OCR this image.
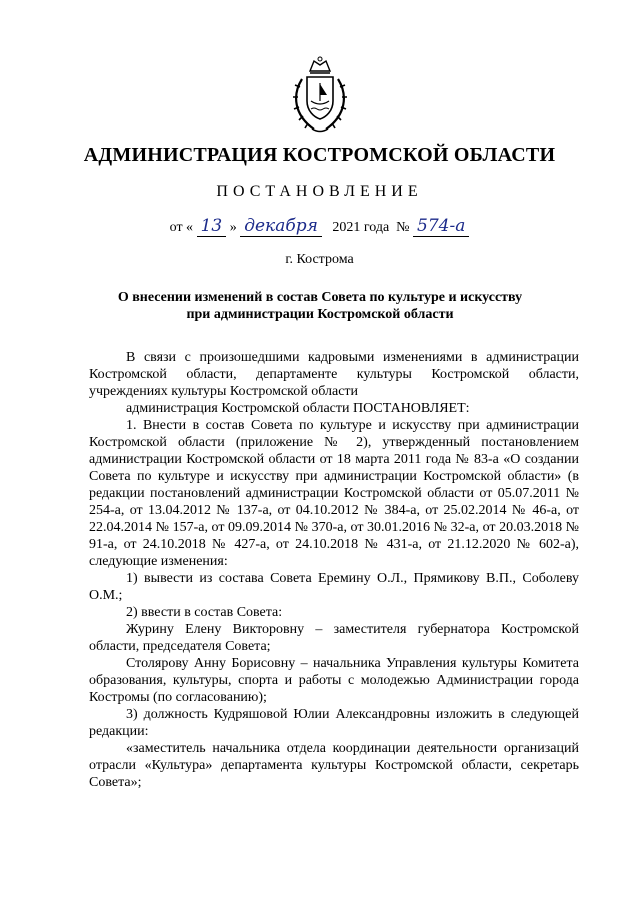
АДМИНИСТРАЦИЯ КОСТРОМСКОЙ ОБЛАСТИ
ПОСТАНОВЛЕНИЕ
от « 13 » декабря 2021 года № 574-а
г. Кострома
О внесении изменений в состав Совета по культуре и искусству
при администрации Костромской области

В связи с произошедшими кадровыми изменениями в администрации Костромской области, департаменте культуры Костромской области, учреждениях культуры Костромской области

администрация Костромской области ПОСТАНОВЛЯЕТ:

1. Внести в состав Совета по культуре и искусству при администрации Костромской области (приложение № 2), утвержденный постановлением администрации Костромской области от 18 марта 2011 года № 83-а «О создании Совета по культуре и искусству при администрации Костромской области» (в редакции постановлений администрации Костромской области от 05.07.2011 № 254-а, от 13.04.2012 № 137-а, от 04.10.2012 № 384-а, от 25.02.2014 № 46-а, от 22.04.2014 № 157-а, от 09.09.2014 № 370-а, от 30.01.2016 № 32-а, от 20.03.2018 № 91-а, от 24.10.2018 № 427-а, от 24.10.2018 № 431-а, от 21.12.2020 № 602-а), следующие изменения:

1) вывести из состава Совета Еремину О.Л., Прямикову В.П., Соболеву О.М.;

2) ввести в состав Совета:

Журину Елену Викторовну – заместителя губернатора Костромской области, председателя Совета;

Столярову Анну Борисовну – начальника Управления культуры Комитета образования, культуры, спорта и работы с молодежью Администрации города Костромы (по согласованию);

3) должность Кудряшовой Юлии Александровны изложить в следующей редакции:

«заместитель начальника отдела координации деятельности организаций отрасли «Культура» департамента культуры Костромской области, секретарь Совета»;
